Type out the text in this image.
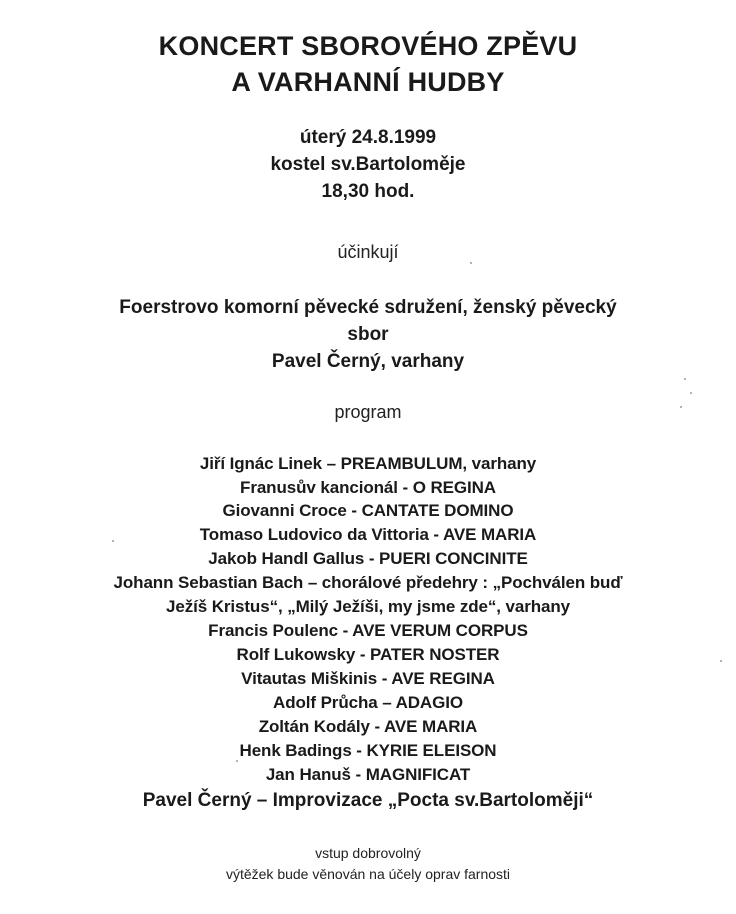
KONCERT SBOROVÉHO ZPĚVU
A VARHANNÍ HUDBY
úterý 24.8.1999
kostel sv.Bartoloměje
18,30 hod.
účinkují
Foerstrovo komorní pěvecké sdružení, ženský pěvecký
sbor
Pavel Černý, varhany
program
Jiří Ignác Linek – PREAMBULUM, varhany
Franusův kancionál - O REGINA
Giovanni Croce - CANTATE DOMINO
Tomaso Ludovico da Vittoria - AVE MARIA
Jakob Handl Gallus - PUERI CONCINITE
Johann Sebastian Bach – chorálové předehry : „Pochválen buď
Ježíš Kristus“, „Milý Ježíši, my jsme zde“, varhany
Francis Poulenc - AVE VERUM CORPUS
Rolf Lukowsky - PATER NOSTER
Vitautas Miškinis - AVE REGINA
Adolf Průcha – ADAGIO
Zoltán Kodály - AVE MARIA
Henk Badings - KYRIE ELEISON
Jan Hanuš - MAGNIFICAT
Pavel Černý – Improvizace „Pocta sv.Bartoloměji“
vstup dobrovolný
výtěžek bude věnován na účely oprav farnosti
